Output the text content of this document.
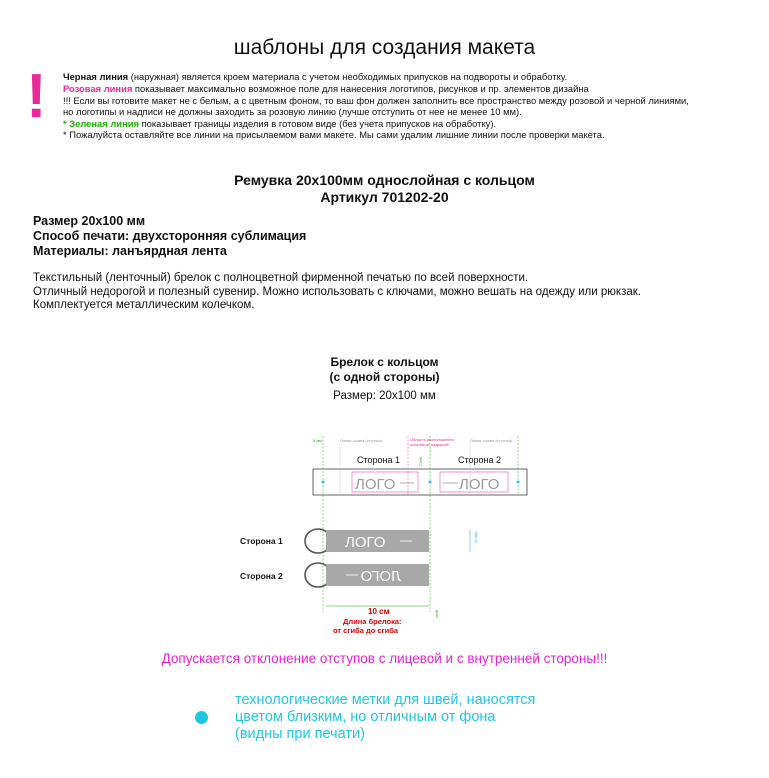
шаблоны для создания макета
! Черная линия (наружная) является кроем материала с учетом необходимых припусков на подвороты и обработку.
Розовая линия показывает максимально возможное поле для нанесения логотипов, рисунков и пр. элементов дизайна
!!! Если вы готовите макет не с белым, а с цветным фоном, то ваш фон должен заполнить все пространство между розовой и черной линиями,
но логотипы и надписи не должны заходить за розовую линию (лучше отступить от нее не менее 10 мм).
* Зеленая линия показывает границы изделия в готовом виде (без учета припусков на обработку).
* Пожалуйста оставляйте все линии на присылаемом вами макете. Мы сами удалим лишние линии после проверки макета.
Ремувка 20х100мм однослойная с кольцом
Артикул 701202-20
Размер 20х100 мм
Способ печати: двухсторонняя сублимация
Материалы: ланъярдная лента
Текстильный (ленточный) брелок с полноцветной фирменной печатью по всей поверхности.
Отличный недорогой и полезный сувенир. Можно использовать с ключами, можно вешать на одежду или рюкзак.
Комплектуется металлическим колечком.
Брелок с кольцом
(с одной стороны)
Размер: 20х100 мм
5 мм	Линия сшива (строчка)	Область расположения
логотипов, надписей
Линия сшива (строчка)
Сгиб
Сторона 1	Сторона 2
ЛОГО	ЛОГО
Сторона 1
Сторона 2
ЛОГО
ЛОГО
20 мм
10 см
Длина брелока:
от сгиба до сгиба
сгиб
Допускается отклонение отступов с лицевой и с внутренней стороны!!!
технологические метки для швей, наносятся
цветом близким, но отличным от фона
(видны при печати)
